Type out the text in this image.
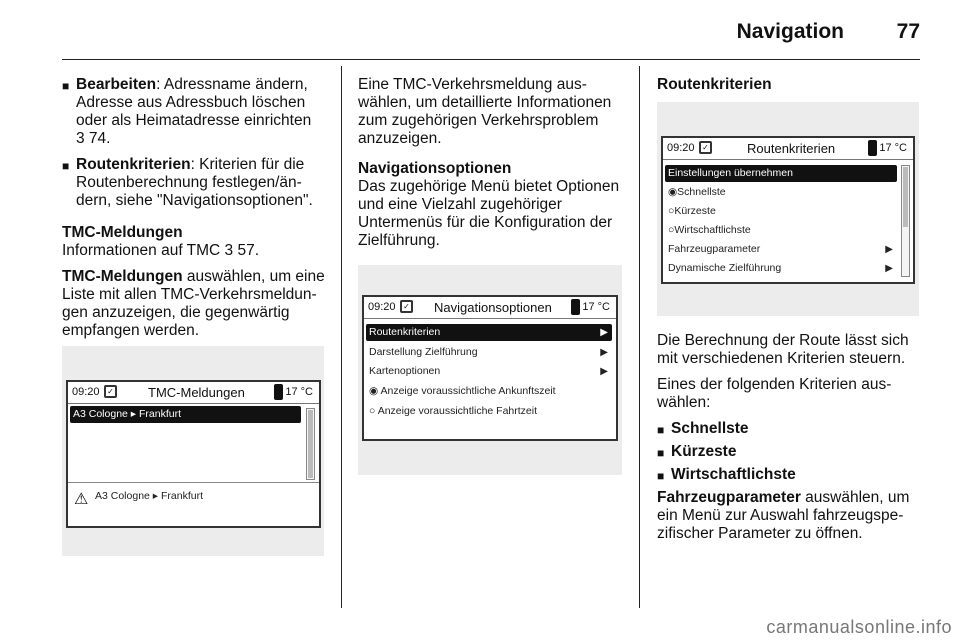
Navigation	77
■ Bearbeiten: Adressname ändern, Adresse aus Adressbuch löschen oder als Heimatadresse einrichten
3 74.
■ Routenkriterien: Kriterien für die Routenberechnung festlegen/ändern, siehe "Navigationsoptionen".
TMC-Meldungen

Informationen auf TMC 3 57.

TMC-Meldungen auswählen, um eine Liste mit allen TMC-Verkehrsmeldungen anzuzeigen, die gegenwärtig empfangen werden.

09:20 ✓	TMC-Meldungen	17 °C
A3 Cologne ▸ Frankfurt
⚠ A3 Cologne ▸ Frankfurt

Eine TMC-Verkehrsmeldung auswählen, um detaillierte Informationen zum zugehörigen Verkehrsproblem anzuzeigen.

Navigationsoptionen

Das zugehörige Menü bietet Optionen und eine Vielzahl zugehöriger Untermenüs für die Konfiguration der Zielführung.

09:20 ✓ Navigationsoptionen	17 °C
Routenkriterien	▶
Darstellung Zielführung	▶
Kartenoptionen	▶
◉ Anzeige voraussichtliche Ankunftszeit
○ Anzeige voraussichtliche Fahrtzeit
Routenkriterien
09:20 ✓	Routenkriterien	17 °C
Einstellungen übernehmen
◉Schnellste
○Kürzeste
○Wirtschaftlichste
Fahrzeugparameter	▶
Dynamische Zielführung	▶

Die Berechnung der Route lässt sich mit verschiedenen Kriterien steuern.

Eines der folgenden Kriterien auswählen:

■ Schnellste
■ Kürzeste
■ Wirtschaftlichste

Fahrzeugparameter auswählen, um ein Menü zur Auswahl fahrzeugspezifischer Parameter zu öffnen.

carmanualsonline.info
